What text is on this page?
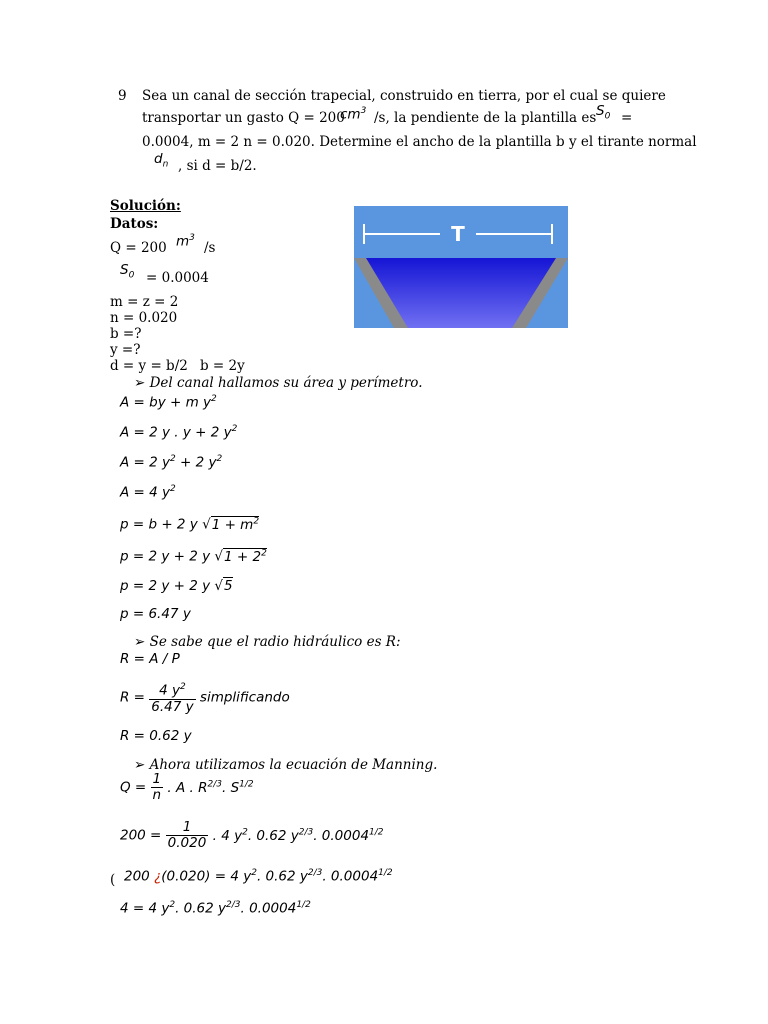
9 Sea un canal de sección trapecial, construido en tierra, por el cual se quiere
transportar un gasto Q = 200
$cm^3$ /s, la pendiente de la plantilla es $S_0$ =
0.0004, m = 2 n = 0.020. Determine el ancho de la plantilla b y el tirante normal
$d_n$ , si d = b/2.
Solución:
Datos:
Q = 200 $m^3$
/s
$S_0 = 0.0004$
m = z = 2
n = 0.020
b =?
y =?
d = y = b/2 b = 2y
T
➢ Del canal hallamos su área y perímetro.
A = by + m $y^2$
A = 2 y . y + 2 $y^2$
A = 2 $y^2 + 2$ $y^2$
A = 4 $y^2$
p = b + 2 y $√1 + m^2$
p = 2 y + 2 y $√1 + 2^2$
p = 2 y + 2 y √5
p = 6.47 y
➢ Se sabe que el radio hidráulico es R:
R = A / P
$R = \frac{4 y^2}{6.47 y}$ simplificando
R = 0.62 y
➢ Ahora utilizamos la ecuación de Manning.
$Q = \frac{1}{n}$ . A . $R^{2/3}$. $S^{1/2}$
$200 = \frac{1}{0.020}$ . 4 $y^2$. 0.62 $y^{2/3}$. $0.0004^{1/2}$
( 200 ¿(0.020) = 4 $y^2$. 0.62 $y^{2/3}$. $0.0004^{1/2}$
4 = 4 $y^2$. 0.62 $y^{2/3}$. $0.0004^{1/2}$
